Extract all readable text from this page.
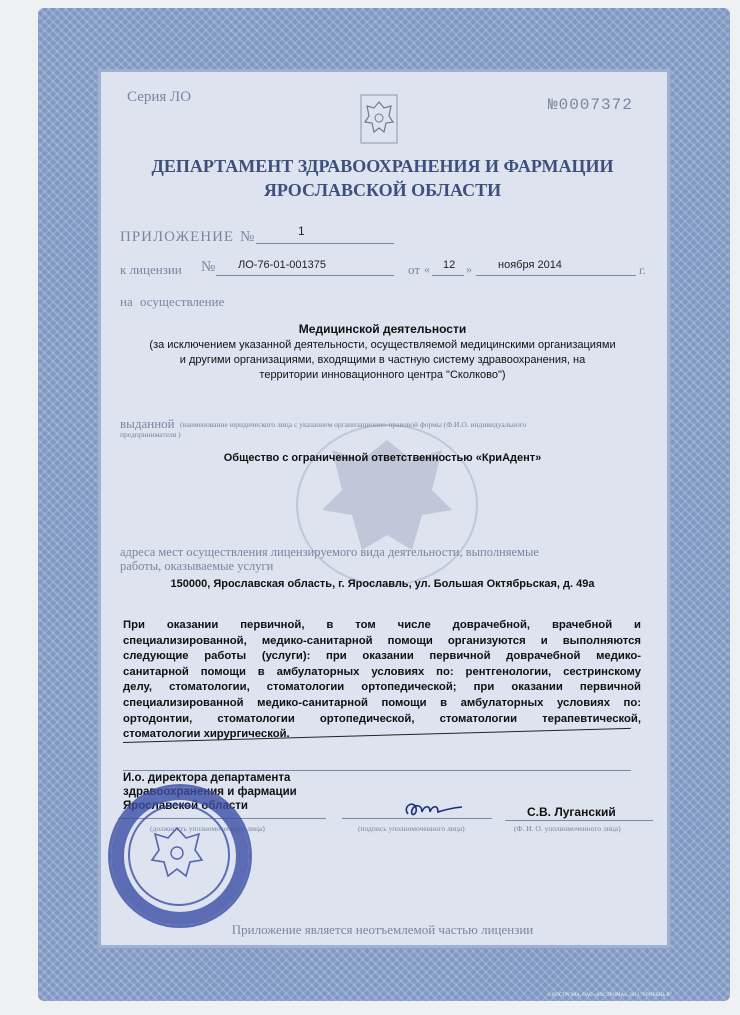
Серия ЛО	№0007372
ДЕПАРТАМЕНТ ЗДРАВООХРАНЕНИЯ И ФАРМАЦИИ
ЯРОСЛАВСКОЙ ОБЛАСТИ
ПРИЛОЖЕНИЕ №	1
к лицензии № ЛО-76-01-001375	от « 12 » ноября 2014	г.
на осуществление
Медицинской деятельности
(за исключением указанной деятельности, осуществляемой медицинскими организациями
и другими организациями, входящими в частную систему здравоохранения, на
территории инновационного центра "Сколково")
выданной (наименование юридического лица с указанием организационно-правовой формы (Ф.И.О. индивидуального
предпринимателя )
Общество с ограниченной ответственностью «КриАдент»
адреса мест осуществления лицензируемого вида деятельности, выполняемые
работы, оказываемые услуги
150000, Ярославская область, г. Ярославль, ул. Большая Октябрьская, д. 49а
При оказании первичной, в том числе доврачебной, врачебной и
специализированной, медико-санитарной помощи организуются и выполняются
следующие работы (услуги): при оказании первичной доврачебной медико-
санитарной помощи в амбулаторных условиях по: рентгенологии, сестринскому
делу, стоматологии, стоматологии ортопедической; при оказании первичной
специализированной медико-санитарной помощи в амбулаторных условиях по:
ортодонтии, стоматологии ортопедической, стоматологии терапевтической,
стоматологии хирургической.
И.о. директора департамента
здравоохранения и фармации
Ярославской области
(должность уполномоченного лица)	(подпись уполномоченного лица)
С.В. Луганский
(Ф. И. О. уполномоченного лица)
Приложение является неотъемлемой частью лицензии
г. КОСТРОМА, ОАО «КОСТРОМА», 2013 "УРОВЕНЬ В"
